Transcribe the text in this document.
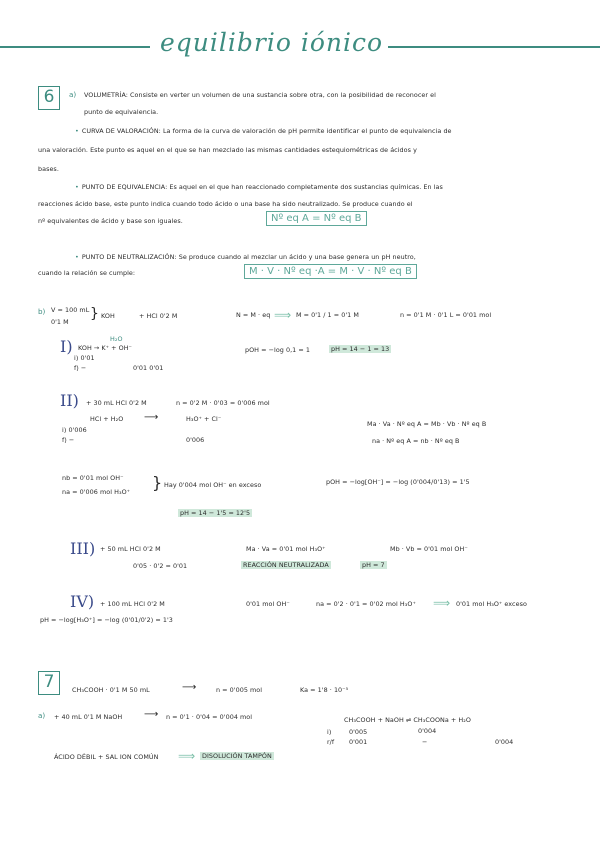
equilibrio iónico
6	a) VOLUMETRÍA: Consiste en verter un volumen de una sustancia sobre otra, con la posibilidad de reconocer el
punto de equivalencia.
• CURVA DE VALORACIÓN: La forma de la curva de valoración de pH permite identificar el punto de equivalencia de
una valoración. Este punto es aquel en el que se han mezclado las mismas cantidades estequiométricas de ácidos y
bases.
• PUNTO DE EQUIVALENCIA: Es aquel en el que han reaccionado completamente dos sustancias químicas. En las
reacciones ácido base, este punto indica cuando todo ácido o una base ha sido neutralizado. Se produce cuando el
nº equivalentes de ácido y base son iguales.	Nº eq A = Nº eq B
• PUNTO DE NEUTRALIZACIÓN: Se produce cuando al mezclar un ácido y una base genera un pH neutro,
cuando la relación se cumple:	M · V · Nº eq ·A = M · V · Nº eq B
b) V = 100 mL
0'1 M } KOH	+ HCl 0'2 M	N = M · eq ⟹ M = 0'1 / 1 = 0'1 M	n = 0'1 M · 0'1 L = 0'01 mol
I)	H₂O
KOH → K⁺ + OH⁻
i) 0'01
f) −	0'01 0'01
pOH = −log 0,1 = 1	pH = 14 − 1 = 13
II) + 30 mL HCl 0'2 M	n = 0'2 M · 0'03 = 0'006 mol
HCl + H₂O ⟶	H₃O⁺ + Cl⁻
i) 0'006
f) −	0'006
Ma · Va · Nº eq A = Mb · Vb · Nº eq B
na · Nº eq A = nb · Nº eq B
nb = 0'01 mol OH⁻
na = 0'006 mol H₃O⁺ } Hay 0'004 mol OH⁻ en exceso	pOH = −log[OH⁻] = −log (0'004/0'13) = 1'5
pH = 14 − 1'5 = 12'5
III) + 50 mL HCl 0'2 M	Ma · Va = 0'01 mol H₃O⁺	Mb · Vb = 0'01 mol OH⁻
0'05 · 0'2 = 0'01	REACCIÓN NEUTRALIZADA	pH = 7
IV) + 100 mL HCl 0'2 M	0'01 mol OH⁻	na = 0'2 · 0'1 = 0'02 mol H₃O⁺ ⟹ 0'01 mol H₃O⁺ exceso
pH = −log[H₃O⁺] = −log (0'01/0'2) = 1'3
7	CH₃COOH · 0'1 M 50 mL	⟶	n = 0'005 mol	Ka = 1'8 · 10⁻⁵
a) + 40 mL 0'1 M NaOH ⟶ n = 0'1 · 0'04 = 0'004 mol	CH₃COOH + NaOH ⇌ CH₃COONa + H₂O
i)	0'005	0'004
r/f 0'001	−	0'004
ÁCIDO DÉBIL + SAL ION COMÚN ⟹	DISOLUCIÓN TAMPÓN
